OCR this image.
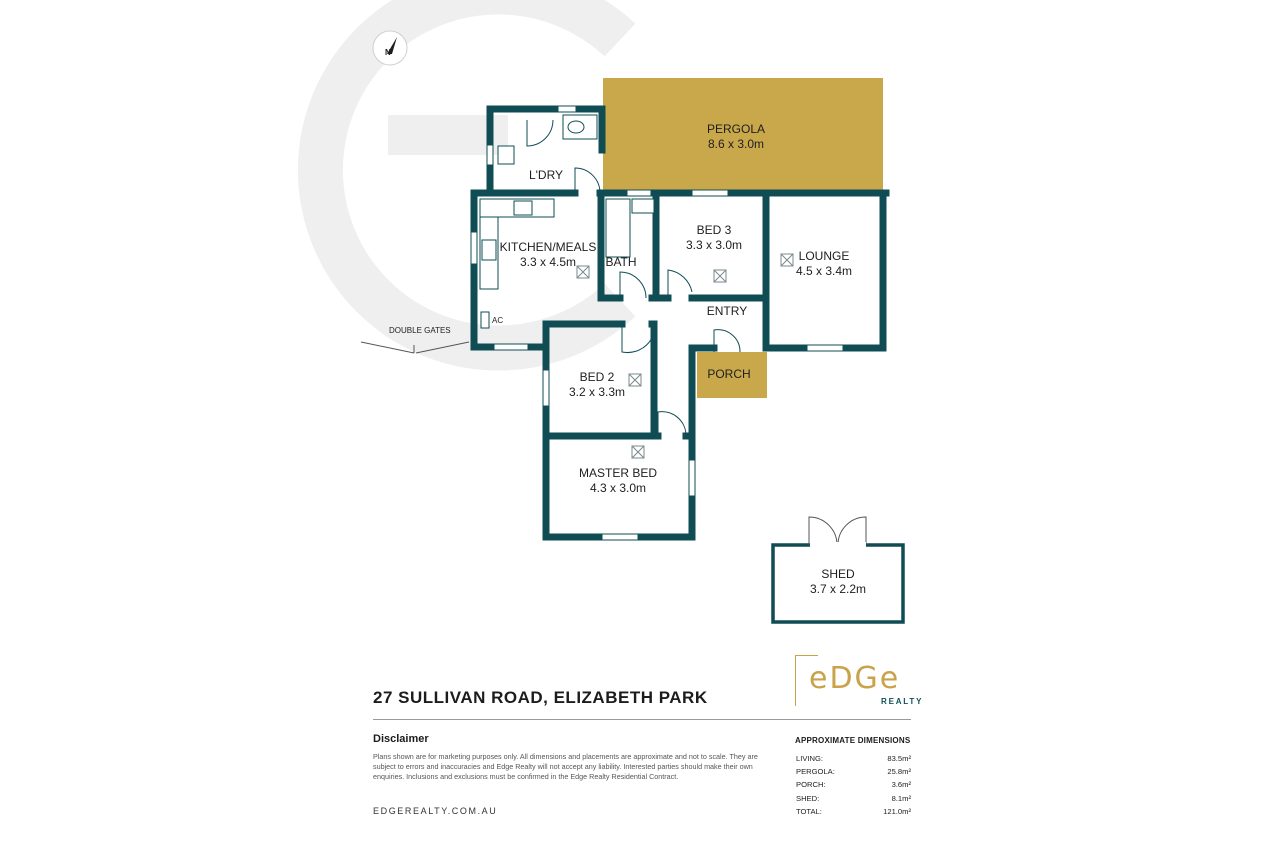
N
PERGOLA
8.6 x 3.0m
PORCH
AC
L'DRY
KITCHEN/MEALS
3.3 x 4.5m BATH
BED 3
3.3 x 3.0m
LOUNGE
4.5 x 3.4m
ENTRY
BED 2
3.2 x 3.3m
MASTER BED
4.3 x 3.0m
DOUBLE GATES
SHED
3.7 x 2.2m
eDGe
REALTY
27 SULLIVAN ROAD, ELIZABETH PARK
Disclaimer
Plans shown are for marketing purposes only. All dimensions and placements are approximate and not to scale. They are subject to errors and inaccuracies and Edge Realty will not accept any liability. Interested parties should make their own enquiries. Inclusions and exclusions must be confirmed in the Edge Realty Residential Contract.
EDGEREALTY.COM.AU
APPROXIMATE DIMENSIONS
LIVING:	83.5m²
PERGOLA:	25.8m²
PORCH:	3.6m²
SHED:	8.1m²
TOTAL:	121.0m²
